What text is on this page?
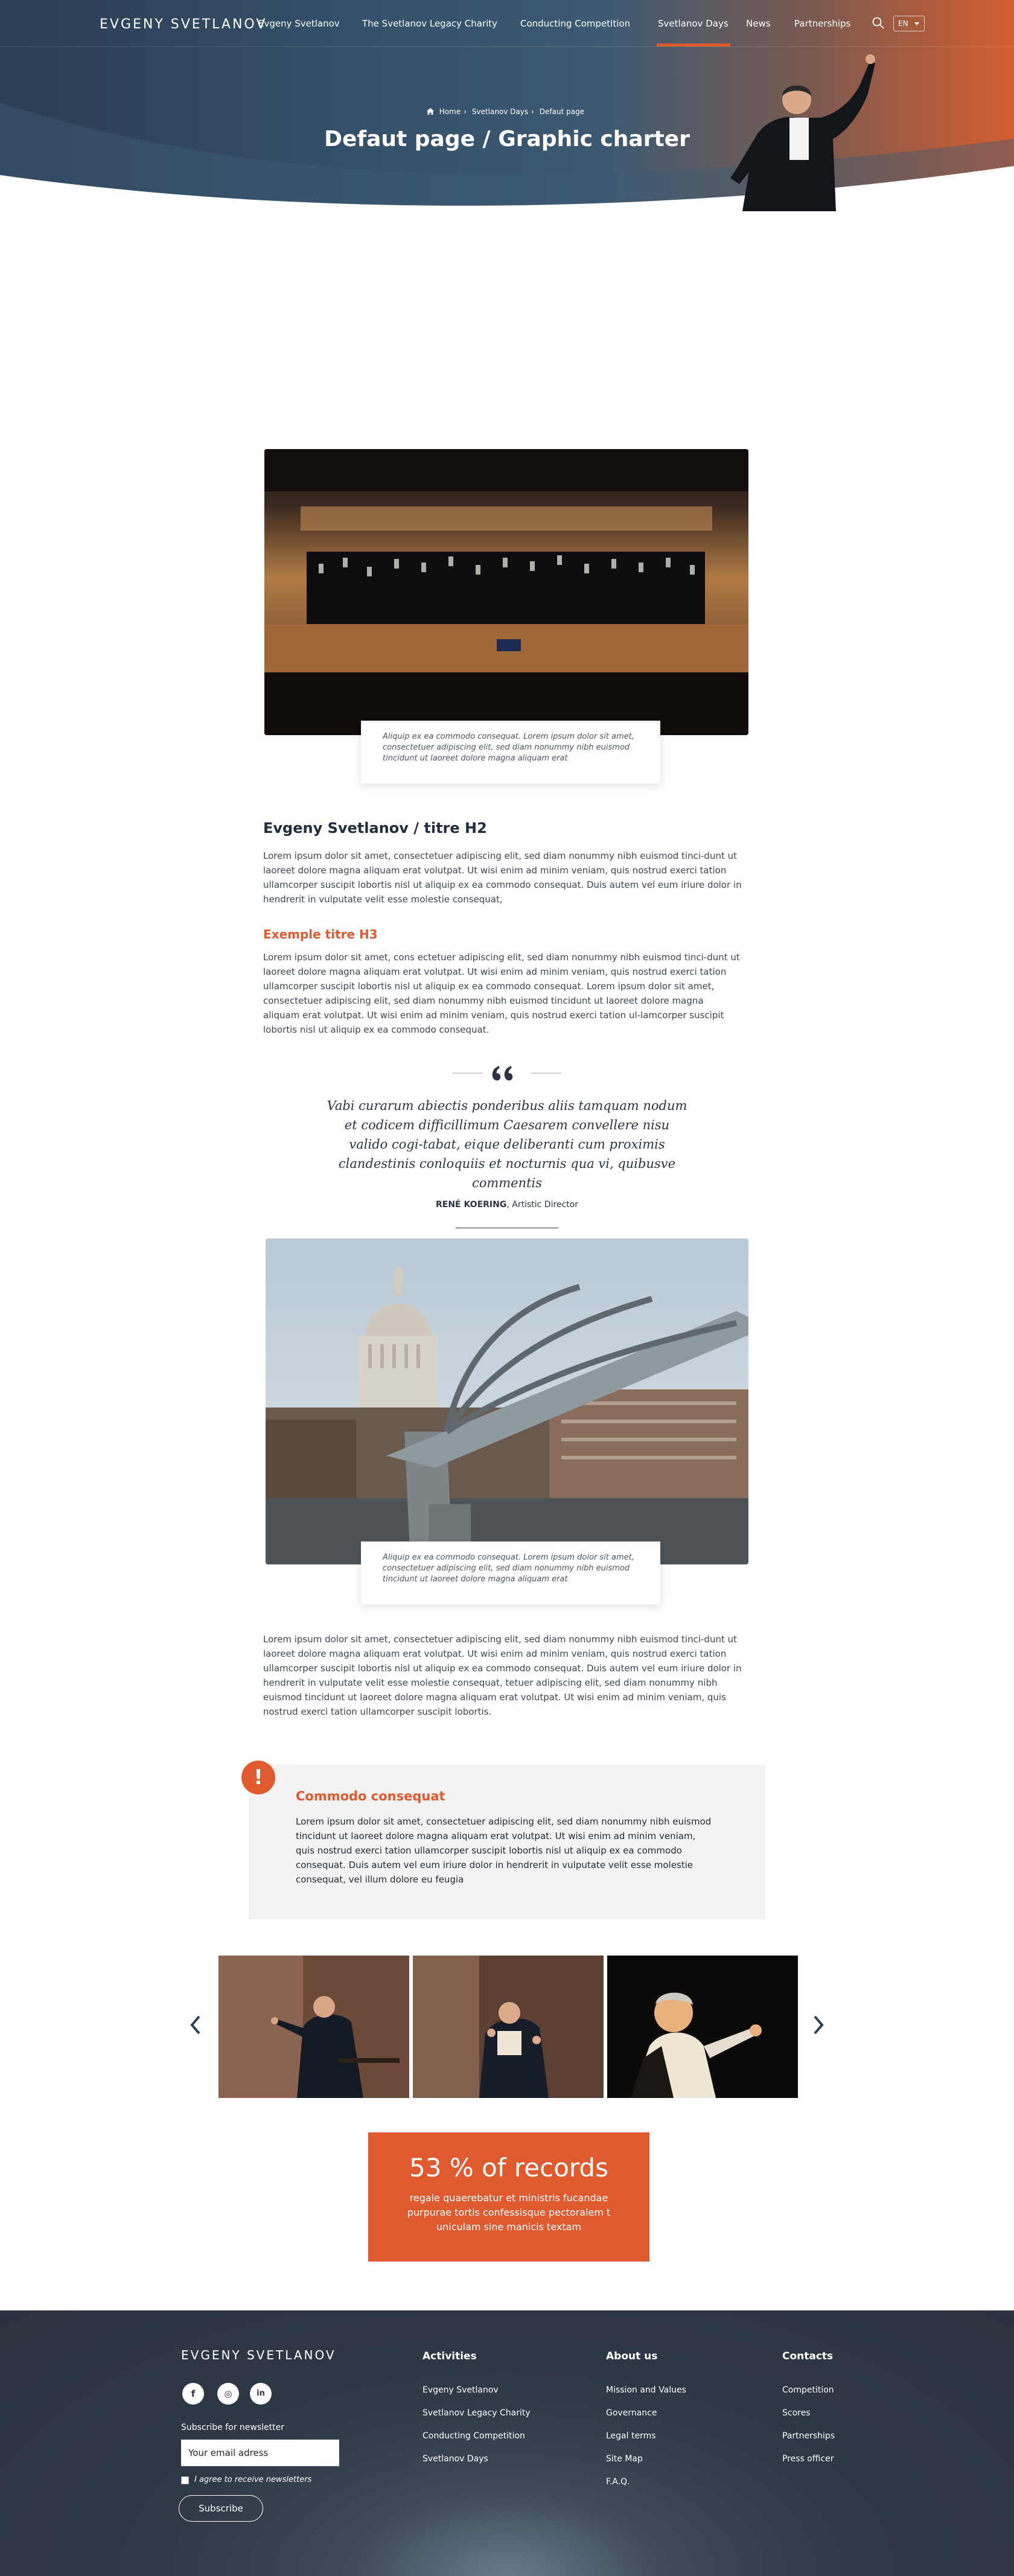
EVGENY SVETLANOV
Evgeny Svetlanov The Svetlanov Legacy Charity	Conducting Competition	Svetlanov Days News	Partnerships	EN
Home › Svetlanov Days › Defaut page
Defaut page / Graphic charter
Aliquip ex ea commodo consequat. Lorem ipsum dolor sit amet, consectetuer adipiscing elit, sed diam nonummy nibh euismod tincidunt ut laoreet dolore magna aliquam erat
Evgeny Svetlanov / titre H2
Lorem ipsum dolor sit amet, consectetuer adipiscing elit, sed diam nonummy nibh euismod tinci-dunt ut laoreet dolore magna aliquam erat volutpat. Ut wisi enim ad minim veniam, quis nostrud exerci tation ullamcorper suscipit lobortis nisl ut aliquip ex ea commodo consequat. Duis autem vel eum iriure dolor in hendrerit in vulputate velit esse molestie consequat,
Exemple titre H3
Lorem ipsum dolor sit amet, cons ectetuer adipiscing elit, sed diam nonummy nibh euismod tinci-dunt ut laoreet dolore magna aliquam erat volutpat. Ut wisi enim ad minim veniam, quis nostrud exerci tation ullamcorper suscipit lobortis nisl ut aliquip ex ea commodo consequat. Lorem ipsum dolor sit amet, consectetuer adipiscing elit, sed diam nonummy nibh euismod tincidunt ut laoreet dolore magna aliquam erat volutpat. Ut wisi enim ad minim veniam, quis nostrud exerci tation ul-lamcorper suscipit lobortis nisl ut aliquip ex ea commodo consequat.
Vabi curarum abiectis ponderibus aliis tamquam nodum et codicem difficillimum Caesarem convellere nisu valido cogi-tabat, eique deliberanti cum proximis clandestinis conloquiis et nocturnis qua vi, quibusve commentis
RENÉ KOERING, Artistic Director
Aliquip ex ea commodo consequat. Lorem ipsum dolor sit amet, consectetuer adipiscing elit, sed diam nonummy nibh euismod tincidunt ut laoreet dolore magna aliquam erat
Lorem ipsum dolor sit amet, consectetuer adipiscing elit, sed diam nonummy nibh euismod tinci-dunt ut laoreet dolore magna aliquam erat volutpat. Ut wisi enim ad minim veniam, quis nostrud exerci tation ullamcorper suscipit lobortis nisl ut aliquip ex ea commodo consequat. Duis autem vel eum iriure dolor in hendrerit in vulputate velit esse molestie consequat, tetuer adipiscing elit, sed diam nonummy nibh euismod tincidunt ut laoreet dolore magna aliquam erat volutpat. Ut wisi enim ad minim veniam, quis nostrud exerci tation ullamcorper suscipit lobortis.
!
Commodo consequat
Lorem ipsum dolor sit amet, consectetuer adipiscing elit, sed diam nonummy nibh euismod tincidunt ut laoreet dolore magna aliquam erat volutpat. Ut wisi enim ad minim veniam, quis nostrud exerci tation ullamcorper suscipit lobortis nisl ut aliquip ex ea commodo consequat. Duis autem vel eum iriure dolor in hendrerit in vulputate velit esse molestie consequat, vel illum dolore eu feugia
53 % of records
regale quaerebatur et ministris fucandae purpurae tortis confessisque pectoralem t uniculam sine manicis textam
EVGENY SVETLANOV
f	◎	in
Subscribe for newsletter
Your email adress
I agree to receive newsletters
Subscribe
Activities
Evgeny Svetlanov
Svetlanov Legacy Charity
Conducting Competition
Svetlanov Days
About us
Mission and Values
Governance
Legal terms
Site Map
F.A.Q.
Contacts
Competition
Scores
Partnerships
Press officer
